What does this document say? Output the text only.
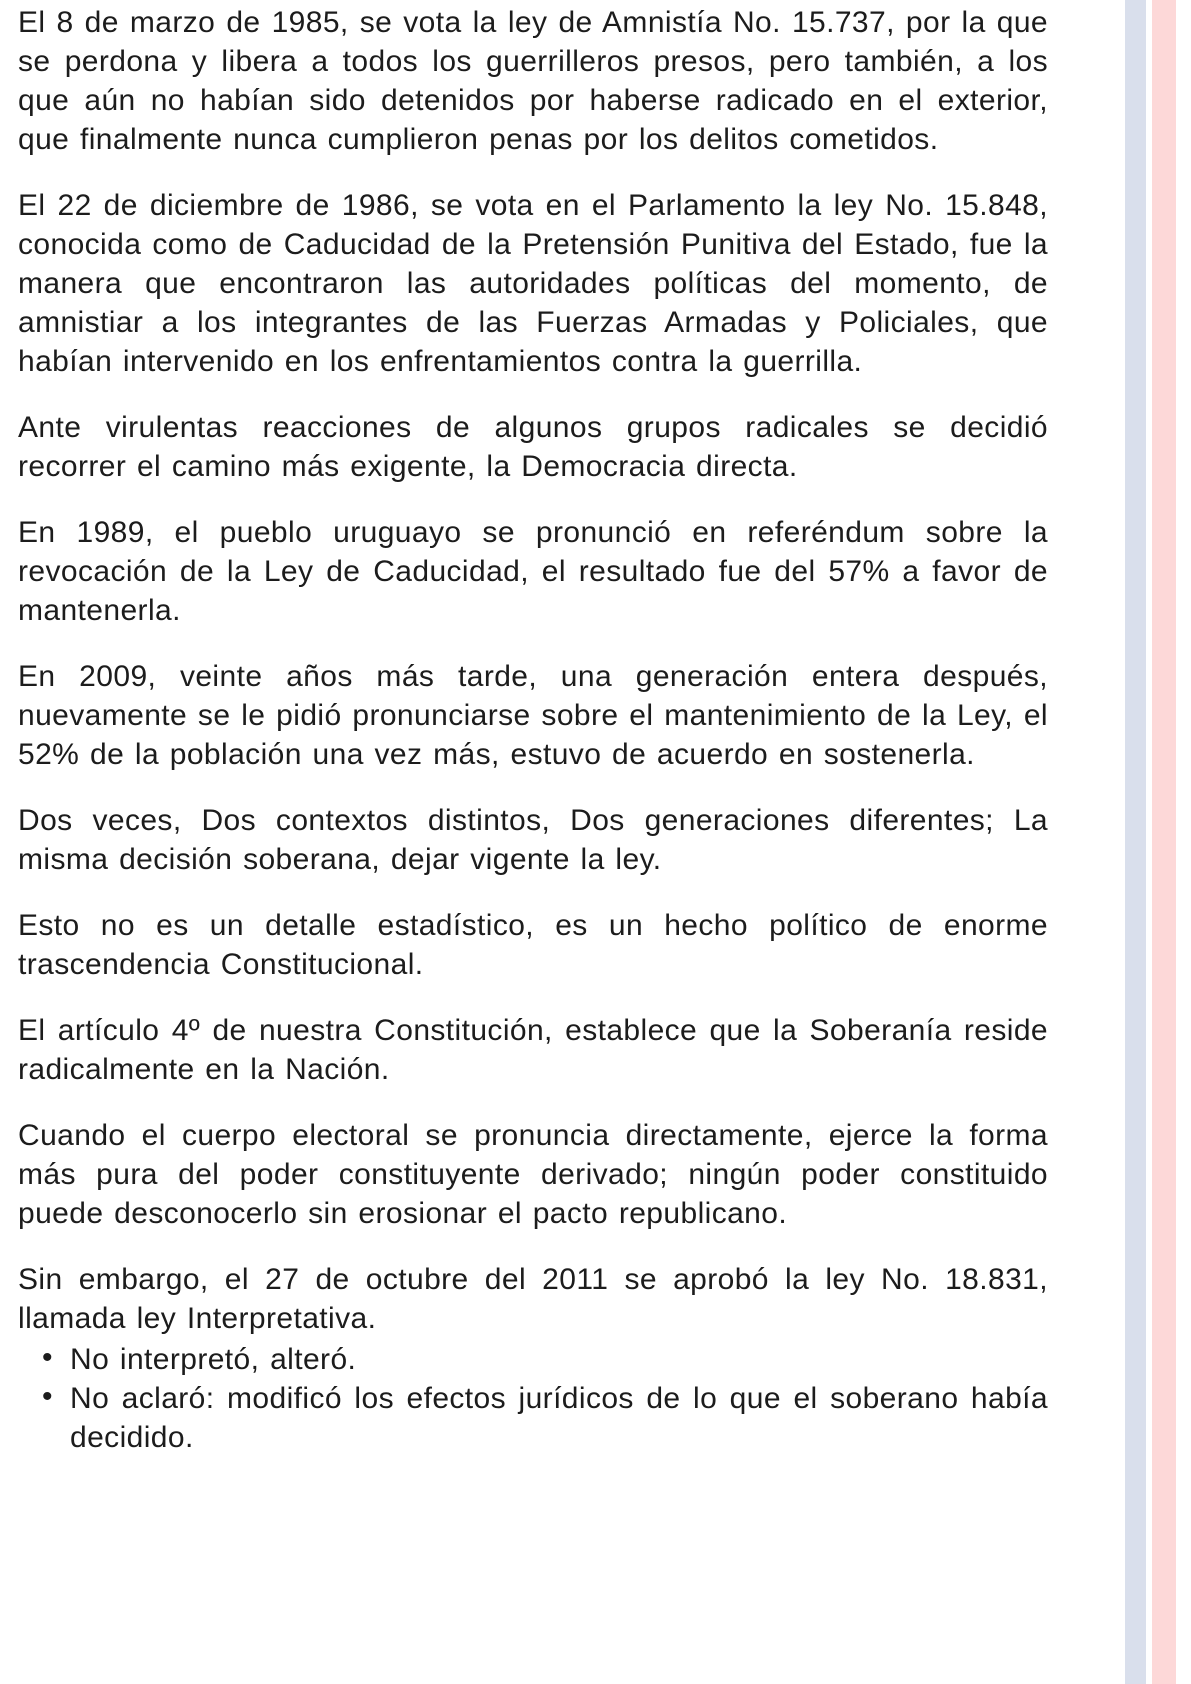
El 8 de marzo de 1985, se vota la ley de Amnistía No. 15.737, por la que se perdona y libera a todos los guerrilleros presos, pero también, a los que aún no habían sido detenidos por haberse radicado en el exterior, que finalmente nunca cumplieron penas por los delitos cometidos.

El 22 de diciembre de 1986, se vota en el Parlamento la ley No. 15.848, conocida como de Caducidad de la Pretensión Punitiva del Estado, fue la manera que encontraron las autoridades políticas del momento, de amnistiar a los integrantes de las Fuerzas Armadas y Policiales, que habían intervenido en los enfrentamientos contra la guerrilla.

Ante virulentas reacciones de algunos grupos radicales se decidió recorrer el camino más exigente, la Democracia directa.

En 1989, el pueblo uruguayo se pronunció en referéndum sobre la revocación de la Ley de Caducidad, el resultado fue del 57% a favor de mantenerla.

En 2009, veinte años más tarde, una generación entera después, nuevamente se le pidió pronunciarse sobre el mantenimiento de la Ley, el 52% de la población una vez más, estuvo de acuerdo en sostenerla.

Dos veces, Dos contextos distintos, Dos generaciones diferentes; La misma decisión soberana, dejar vigente la ley.

Esto no es un detalle estadístico, es un hecho político de enorme trascendencia Constitucional.

El artículo 4º de nuestra Constitución, establece que la Soberanía reside radicalmente en la Nación.

Cuando el cuerpo electoral se pronuncia directamente, ejerce la forma más pura del poder constituyente derivado; ningún poder constituido puede desconocerlo sin erosionar el pacto republicano.

Sin embargo, el 27 de octubre del 2011 se aprobó la ley No. 18.831, llamada ley Interpretativa.

• No interpretó, alteró.
• No aclaró: modificó los efectos jurídicos de lo que el soberano había decidido.
